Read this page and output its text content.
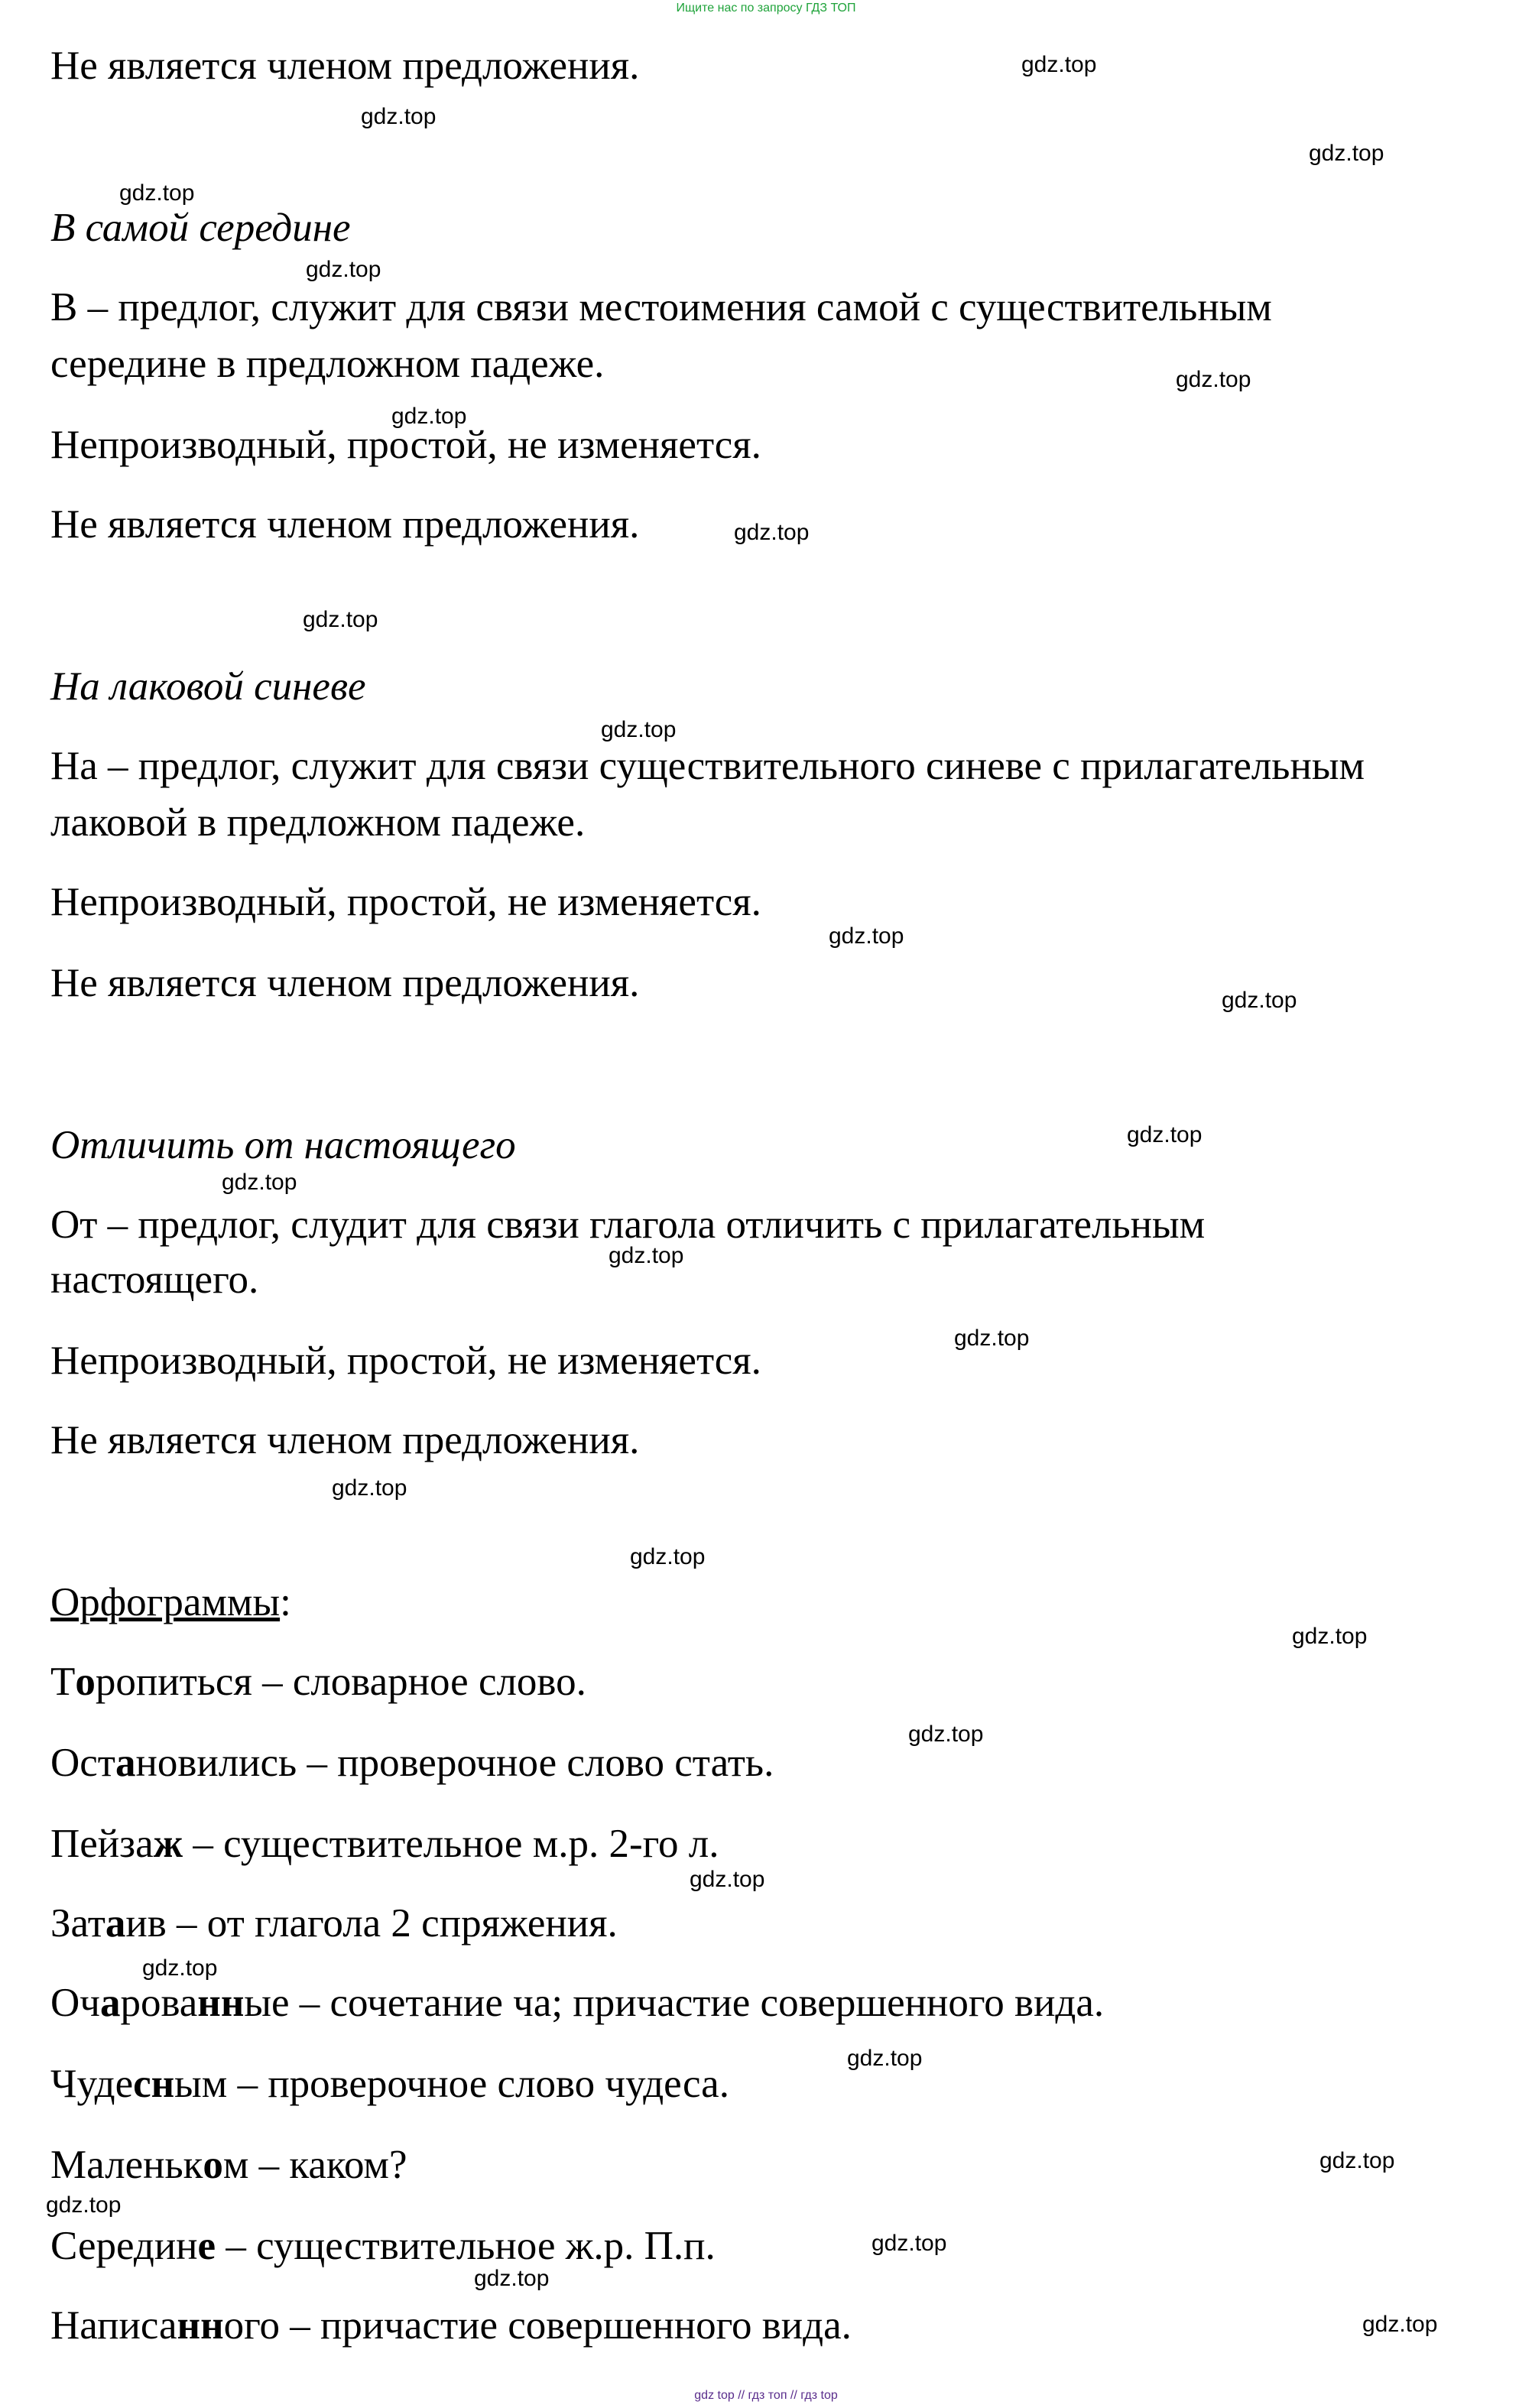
Ищите нас по запросу ГДЗ ТОП

Не является членом предложения.

В самой середине

В – предлог, служит для связи местоимения самой с существительным

середине в предложном падеже.

Непроизводный, простой, не изменяется.

Не является членом предложения.

На лаковой синеве

На – предлог, служит для связи существительного синеве с прилагательным

лаковой в предложном падеже.

Непроизводный, простой, не изменяется.

Не является членом предложения.

Отличить от настоящего

От – предлог, слудит для связи глагола отличить с прилагательным

настоящего.

Непроизводный, простой, не изменяется.

Не является членом предложения.

Орфограммы:

Торопиться – словарное слово.

Остановились – проверочное слово стать.

Пейзаж – существительное м.р. 2-го л.

Затаив – от глагола 2 спряжения.

Очарованные – сочетание ча; причастие совершенного вида.

Чудесным – проверочное слово чудеса.

Маленьком – каком?

Середине – существительное ж.р. П.п.

Написанного – причастие совершенного вида.

gdz.top
gdz.top
gdz.top
gdz.top
gdz.top
gdz.top
gdz.top
gdz.top
gdz.top
gdz.top
gdz.top
gdz.top
gdz.top
gdz.top
gdz.top
gdz.top
gdz.top
gdz.top
gdz.top
gdz.top
gdz.top
gdz.top
gdz.top
gdz.top
gdz.top
gdz.top
gdz.top
gdz.top
gdz top // гдз топ // гдз top
